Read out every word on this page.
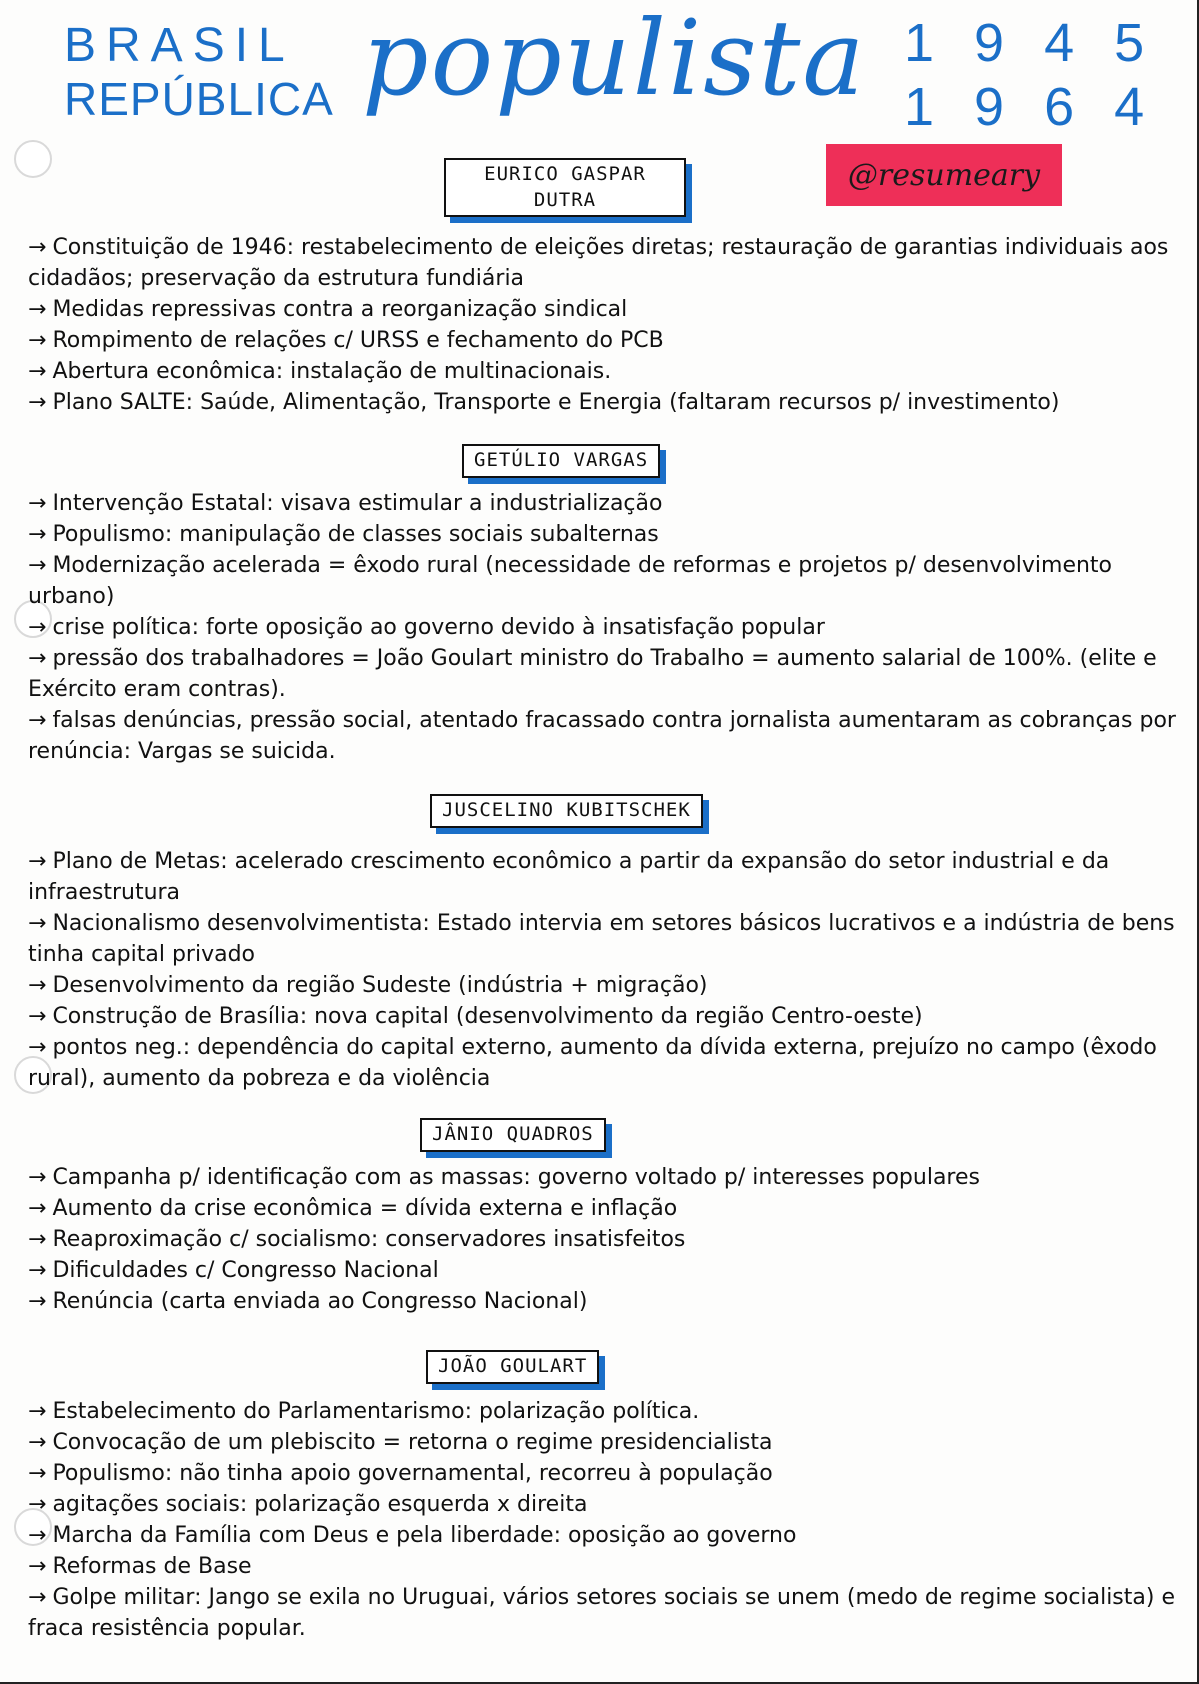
BRASIL
REPÚBLICA populista 1945
1964
@resumeary
EURICO GASPAR DUTRA
→ Constituição de 1946: restabelecimento de eleições diretas; restauração de garantias individuais aos cidadãos; preservação da estrutura fundiária
→ Medidas repressivas contra a reorganização sindical
→ Rompimento de relações c/ URSS e fechamento do PCB
→ Abertura econômica: instalação de multinacionais.
→ Plano SALTE: Saúde, Alimentação, Transporte e Energia (faltaram recursos p/ investimento)
GETÚLIO VARGAS
→ Intervenção Estatal: visava estimular a industrialização
→ Populismo: manipulação de classes sociais subalternas
→ Modernização acelerada = êxodo rural (necessidade de reformas e projetos p/ desenvolvimento urbano)
→ crise política: forte oposição ao governo devido à insatisfação popular
→ pressão dos trabalhadores = João Goulart ministro do Trabalho = aumento salarial de 100%. (elite e Exército eram contras).
→ falsas denúncias, pressão social, atentado fracassado contra jornalista aumentaram as cobranças por renúncia: Vargas se suicida.
JUSCELINO KUBITSCHEK
→ Plano de Metas: acelerado crescimento econômico a partir da expansão do setor industrial e da infraestrutura
→ Nacionalismo desenvolvimentista: Estado intervia em setores básicos lucrativos e a indústria de bens tinha capital privado
→ Desenvolvimento da região Sudeste (indústria + migração)
→ Construção de Brasília: nova capital (desenvolvimento da região Centro-oeste)
→ pontos neg.: dependência do capital externo, aumento da dívida externa, prejuízo no campo (êxodo rural), aumento da pobreza e da violência
JÂNIO QUADROS
→ Campanha p/ identificação com as massas: governo voltado p/ interesses populares
→ Aumento da crise econômica = dívida externa e inflação
→ Reaproximação c/ socialismo: conservadores insatisfeitos
→ Dificuldades c/ Congresso Nacional
→ Renúncia (carta enviada ao Congresso Nacional)
JOÃO GOULART
→ Estabelecimento do Parlamentarismo: polarização política.
→ Convocação de um plebiscito = retorna o regime presidencialista
→ Populismo: não tinha apoio governamental, recorreu à população
→ agitações sociais: polarização esquerda x direita
→ Marcha da Família com Deus e pela liberdade: oposição ao governo
→ Reformas de Base
→ Golpe militar: Jango se exila no Uruguai, vários setores sociais se unem (medo de regime socialista) e fraca resistência popular.
